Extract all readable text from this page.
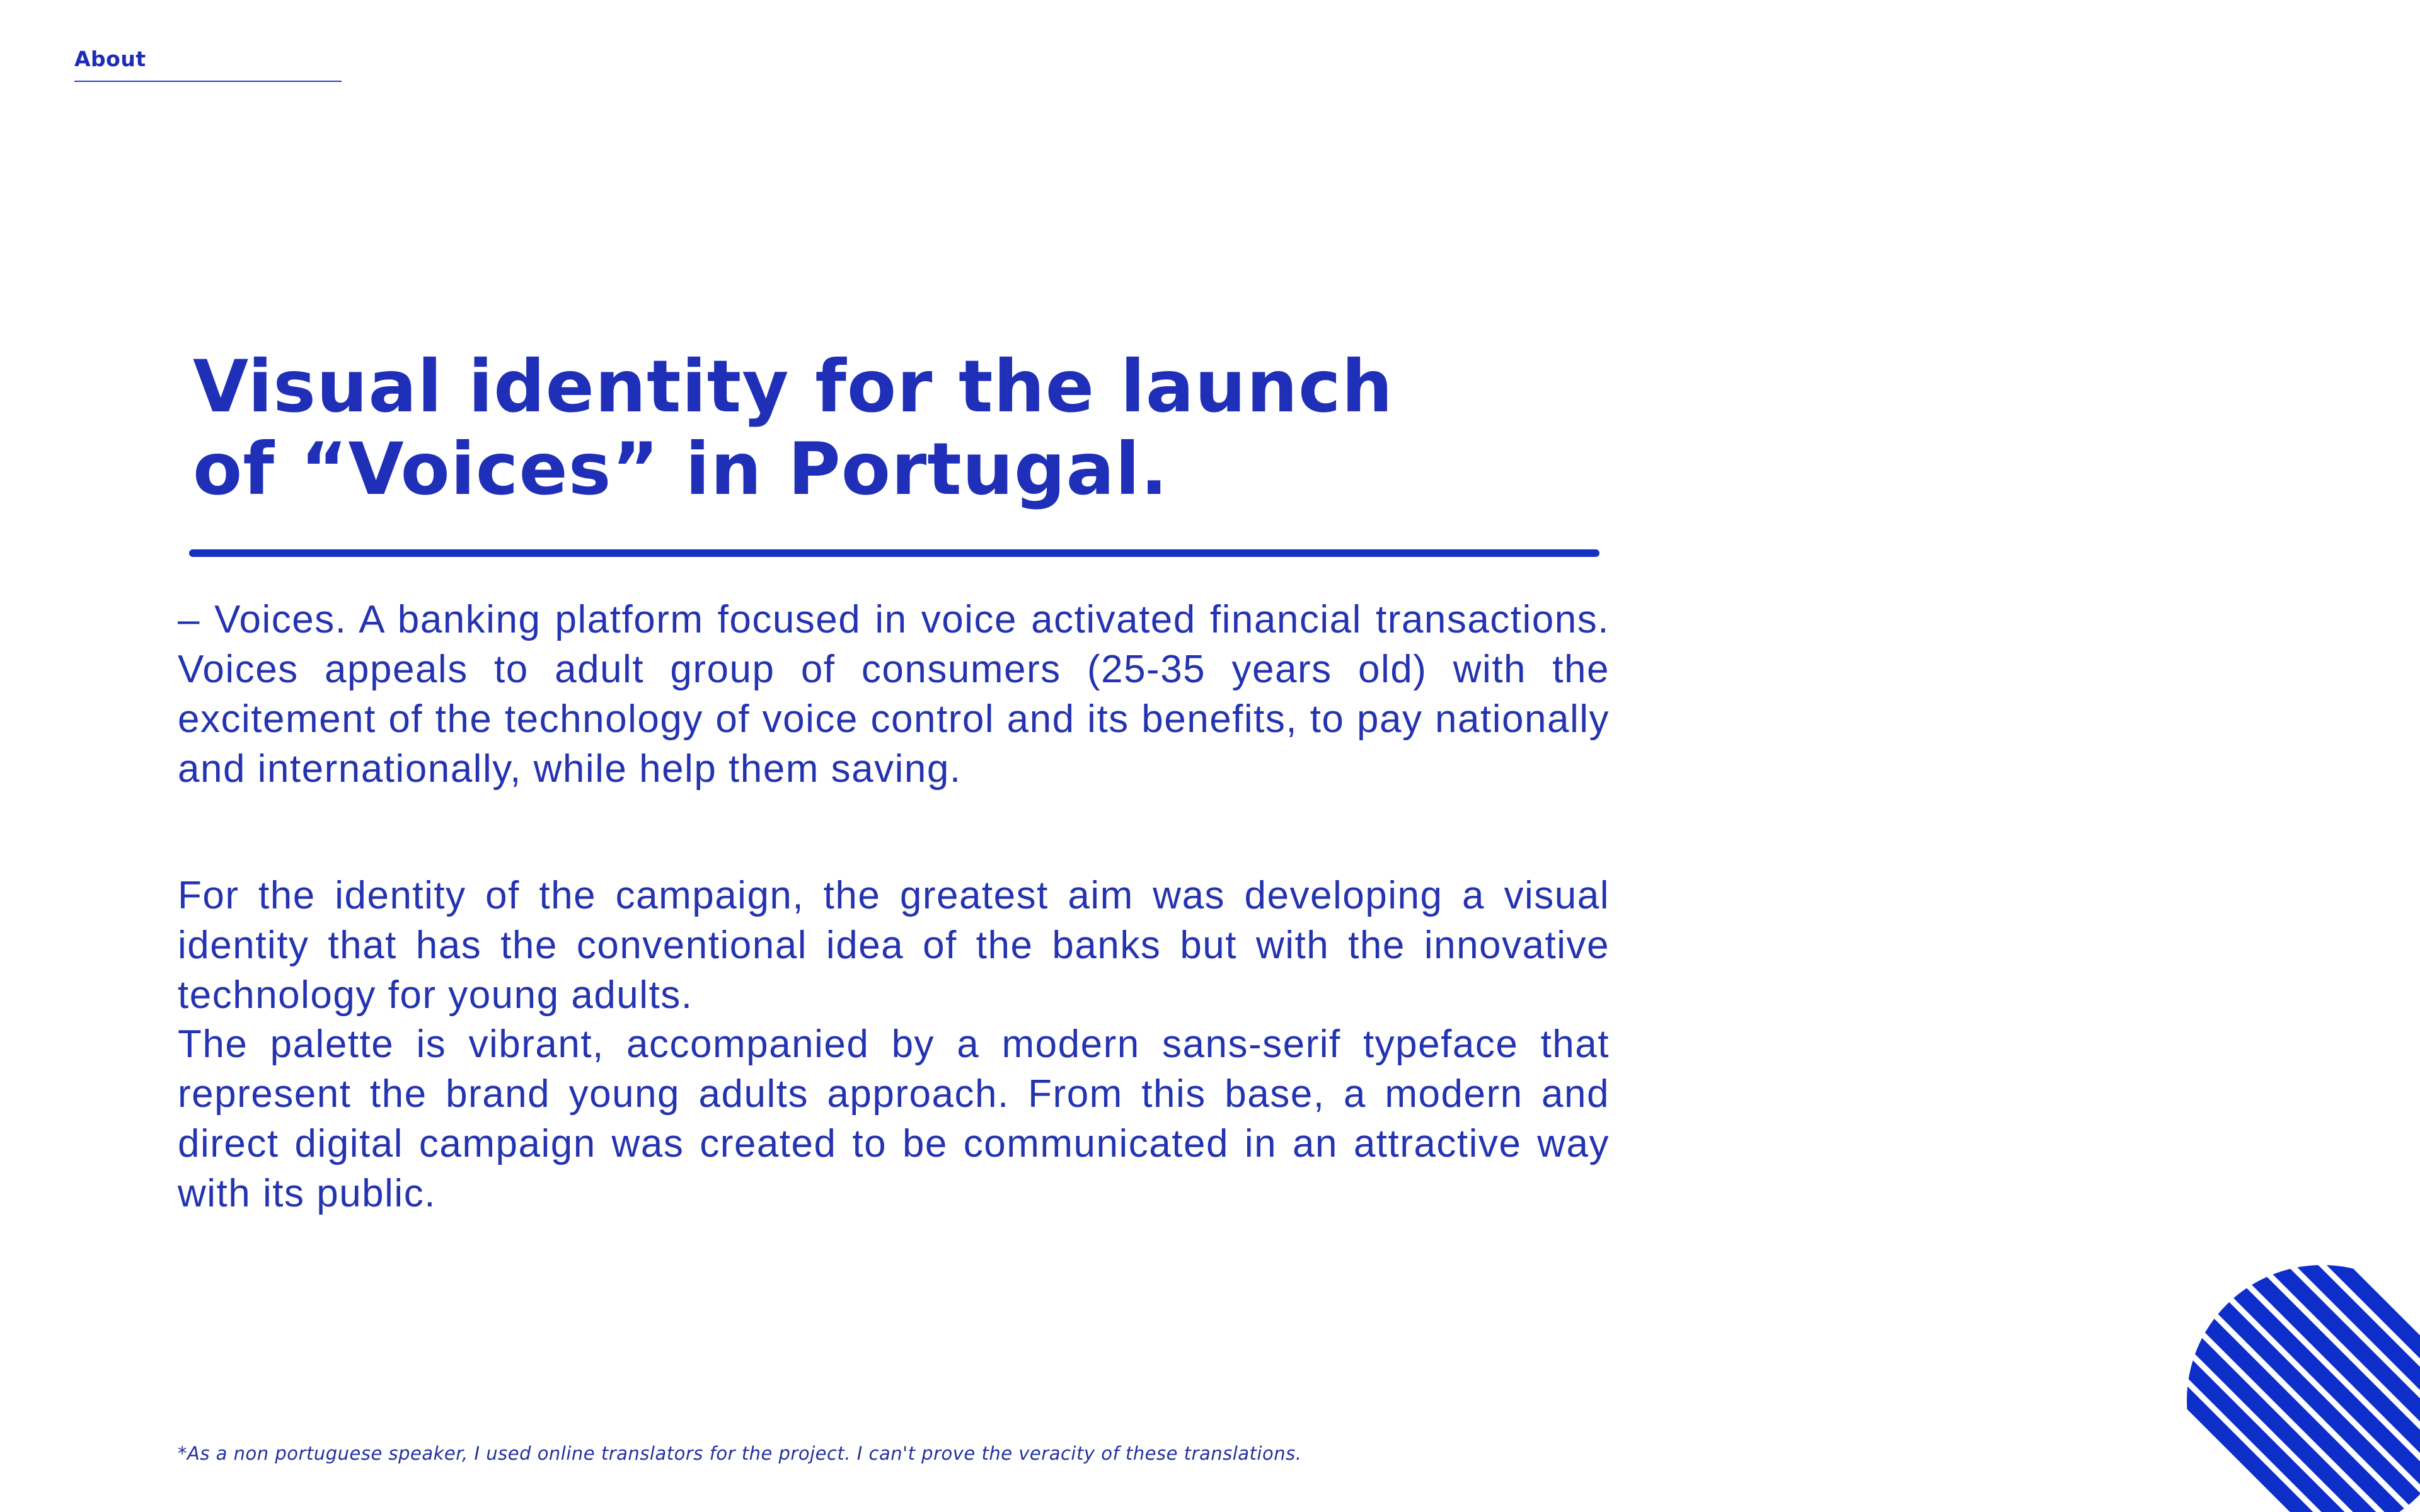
About
Visual identity for the launch
of “Voices” in Portugal.

– Voices. A banking platform focused in voice activated financial transactions. Voices appeals to adult group of consumers (25-35 years old) with the excitement of the technology of voice control and its benefits, to pay nationally and internationally, while help them saving.

For the identity of the campaign, the greatest aim was developing a visual identity that has the conventional idea of the banks but with the innovative technology for young adults.

The palette is vibrant, accompanied by a modern sans-serif typeface that represent the brand young adults approach. From this base, a modern and direct digital campaign was created to be communicated in an attractive way with its public.

*As a non portuguese speaker, I used online translators for the project. I can't prove the veracity of these translations.
